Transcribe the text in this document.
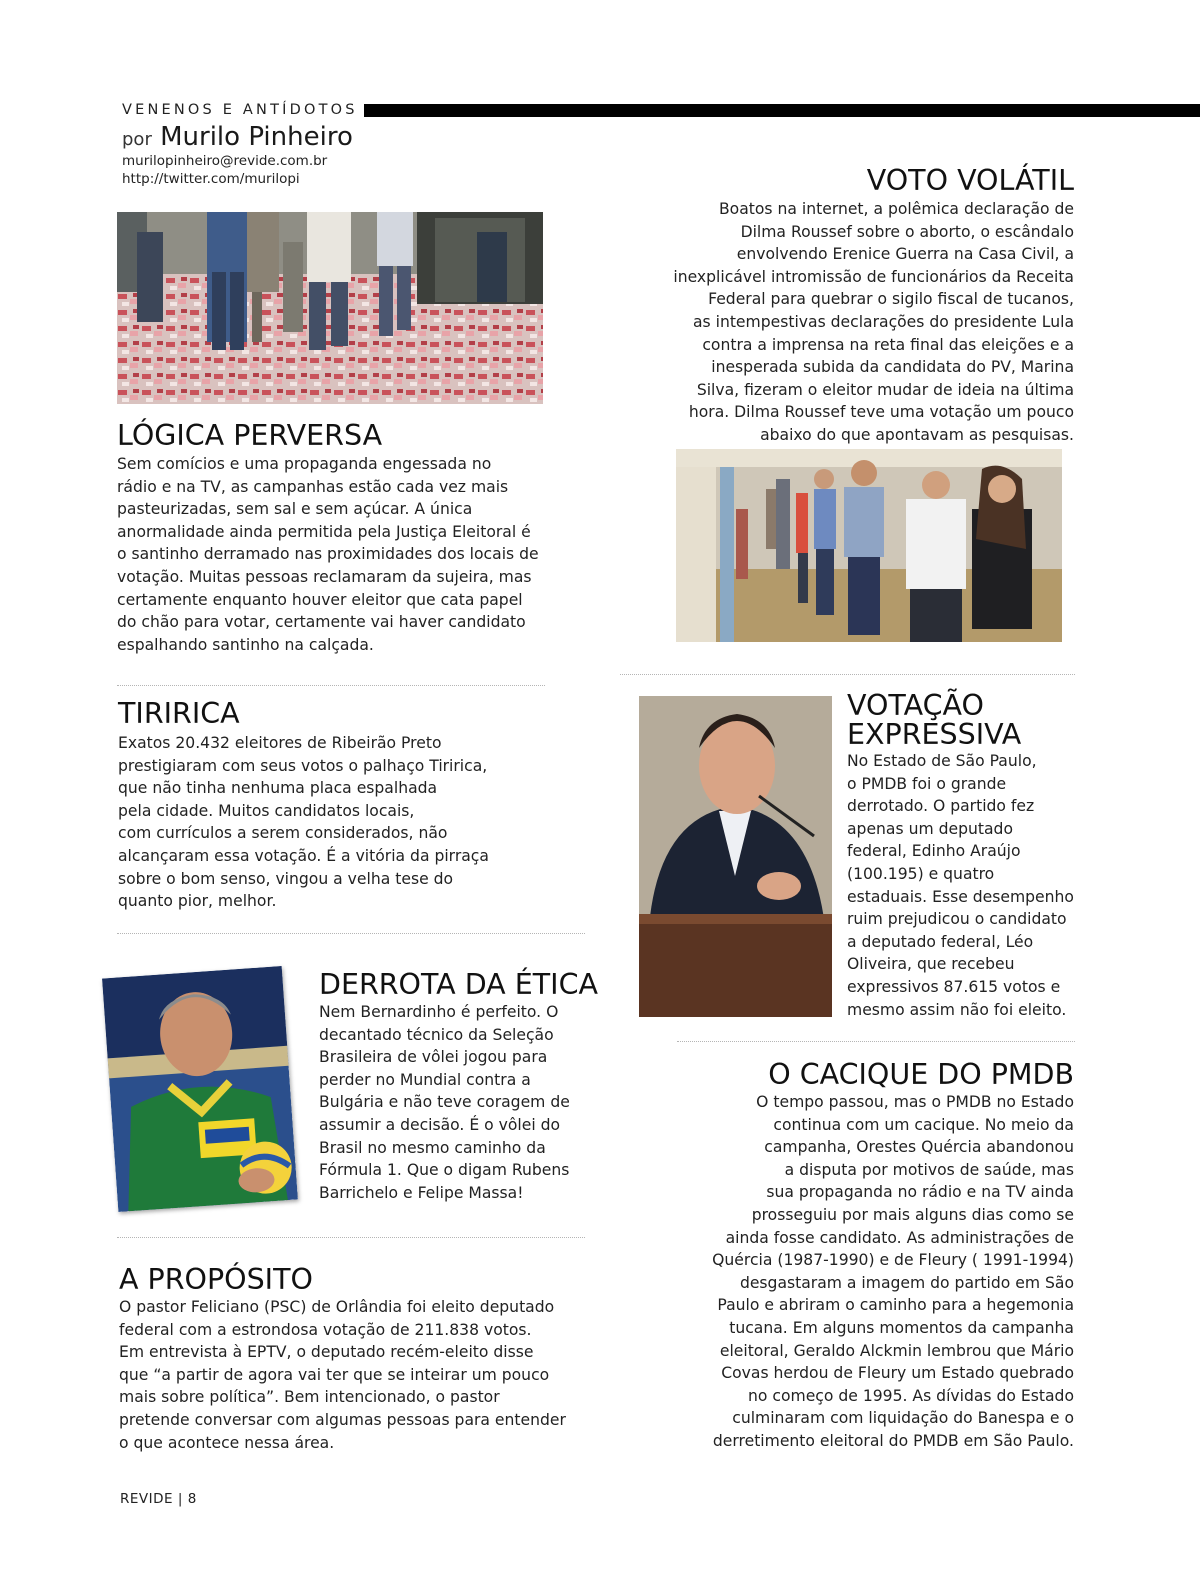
VENENOS E ANTÍDOTOS
por Murilo Pinheiro
murilopinheiro@revide.com.br
http://twitter.com/murilopi
LÓGICA PERVERSA
Sem comícios e uma propaganda engessada no
rádio e na TV, as campanhas estão cada vez mais
pasteurizadas, sem sal e sem açúcar. A única
anormalidade ainda permitida pela Justiça Eleitoral é
o santinho derramado nas proximidades dos locais de
votação. Muitas pessoas reclamaram da sujeira, mas
certamente enquanto houver eleitor que cata papel
do chão para votar, certamente vai haver candidato
espalhando santinho na calçada.
TIRIRICA
Exatos 20.432 eleitores de Ribeirão Preto
prestigiaram com seus votos o palhaço Tiririca,
que não tinha nenhuma placa espalhada
pela cidade. Muitos candidatos locais,
com currículos a serem considerados, não
alcançaram essa votação. É a vitória da pirraça
sobre o bom senso, vingou a velha tese do
quanto pior, melhor.
DERROTA DA ÉTICA
Nem Bernardinho é perfeito. O
decantado técnico da Seleção
Brasileira de vôlei jogou para
perder no Mundial contra a
Bulgária e não teve coragem de
assumir a decisão. É o vôlei do
Brasil no mesmo caminho da
Fórmula 1. Que o digam Rubens
Barrichelo e Felipe Massa!
A PROPÓSITO
O pastor Feliciano (PSC) de Orlândia foi eleito deputado
federal com a estrondosa votação de 211.838 votos.
Em entrevista à EPTV, o deputado recém-eleito disse
que “a partir de agora vai ter que se inteirar um pouco
mais sobre política”. Bem intencionado, o pastor
pretende conversar com algumas pessoas para entender
o que acontece nessa área.
VOTO VOLÁTIL
Boatos na internet, a polêmica declaração de
Dilma Roussef sobre o aborto, o escândalo
envolvendo Erenice Guerra na Casa Civil, a
inexplicável intromissão de funcionários da Receita
Federal para quebrar o sigilo fiscal de tucanos,
as intempestivas declarações do presidente Lula
contra a imprensa na reta final das eleições e a
inesperada subida da candidata do PV, Marina
Silva, fizeram o eleitor mudar de ideia na última
hora. Dilma Roussef teve uma votação um pouco
abaixo do que apontavam as pesquisas.
VOTAÇÃO
EXPRESSIVA
No Estado de São Paulo,
o PMDB foi o grande
derrotado. O partido fez
apenas um deputado
federal, Edinho Araújo
(100.195) e quatro
estaduais. Esse desempenho
ruim prejudicou o candidato
a deputado federal, Léo
Oliveira, que recebeu
expressivos 87.615 votos e
mesmo assim não foi eleito.
O CACIQUE DO PMDB
O tempo passou, mas o PMDB no Estado
continua com um cacique. No meio da
campanha, Orestes Quércia abandonou
a disputa por motivos de saúde, mas
sua propaganda no rádio e na TV ainda
prosseguiu por mais alguns dias como se
ainda fosse candidato. As administrações de
Quércia (1987-1990) e de Fleury ( 1991-1994)
desgastaram a imagem do partido em São
Paulo e abriram o caminho para a hegemonia
tucana. Em alguns momentos da campanha
eleitoral, Geraldo Alckmin lembrou que Mário
Covas herdou de Fleury um Estado quebrado
no começo de 1995. As dívidas do Estado
culminaram com liquidação do Banespa e o
derretimento eleitoral do PMDB em São Paulo.
REVIDE | 8
